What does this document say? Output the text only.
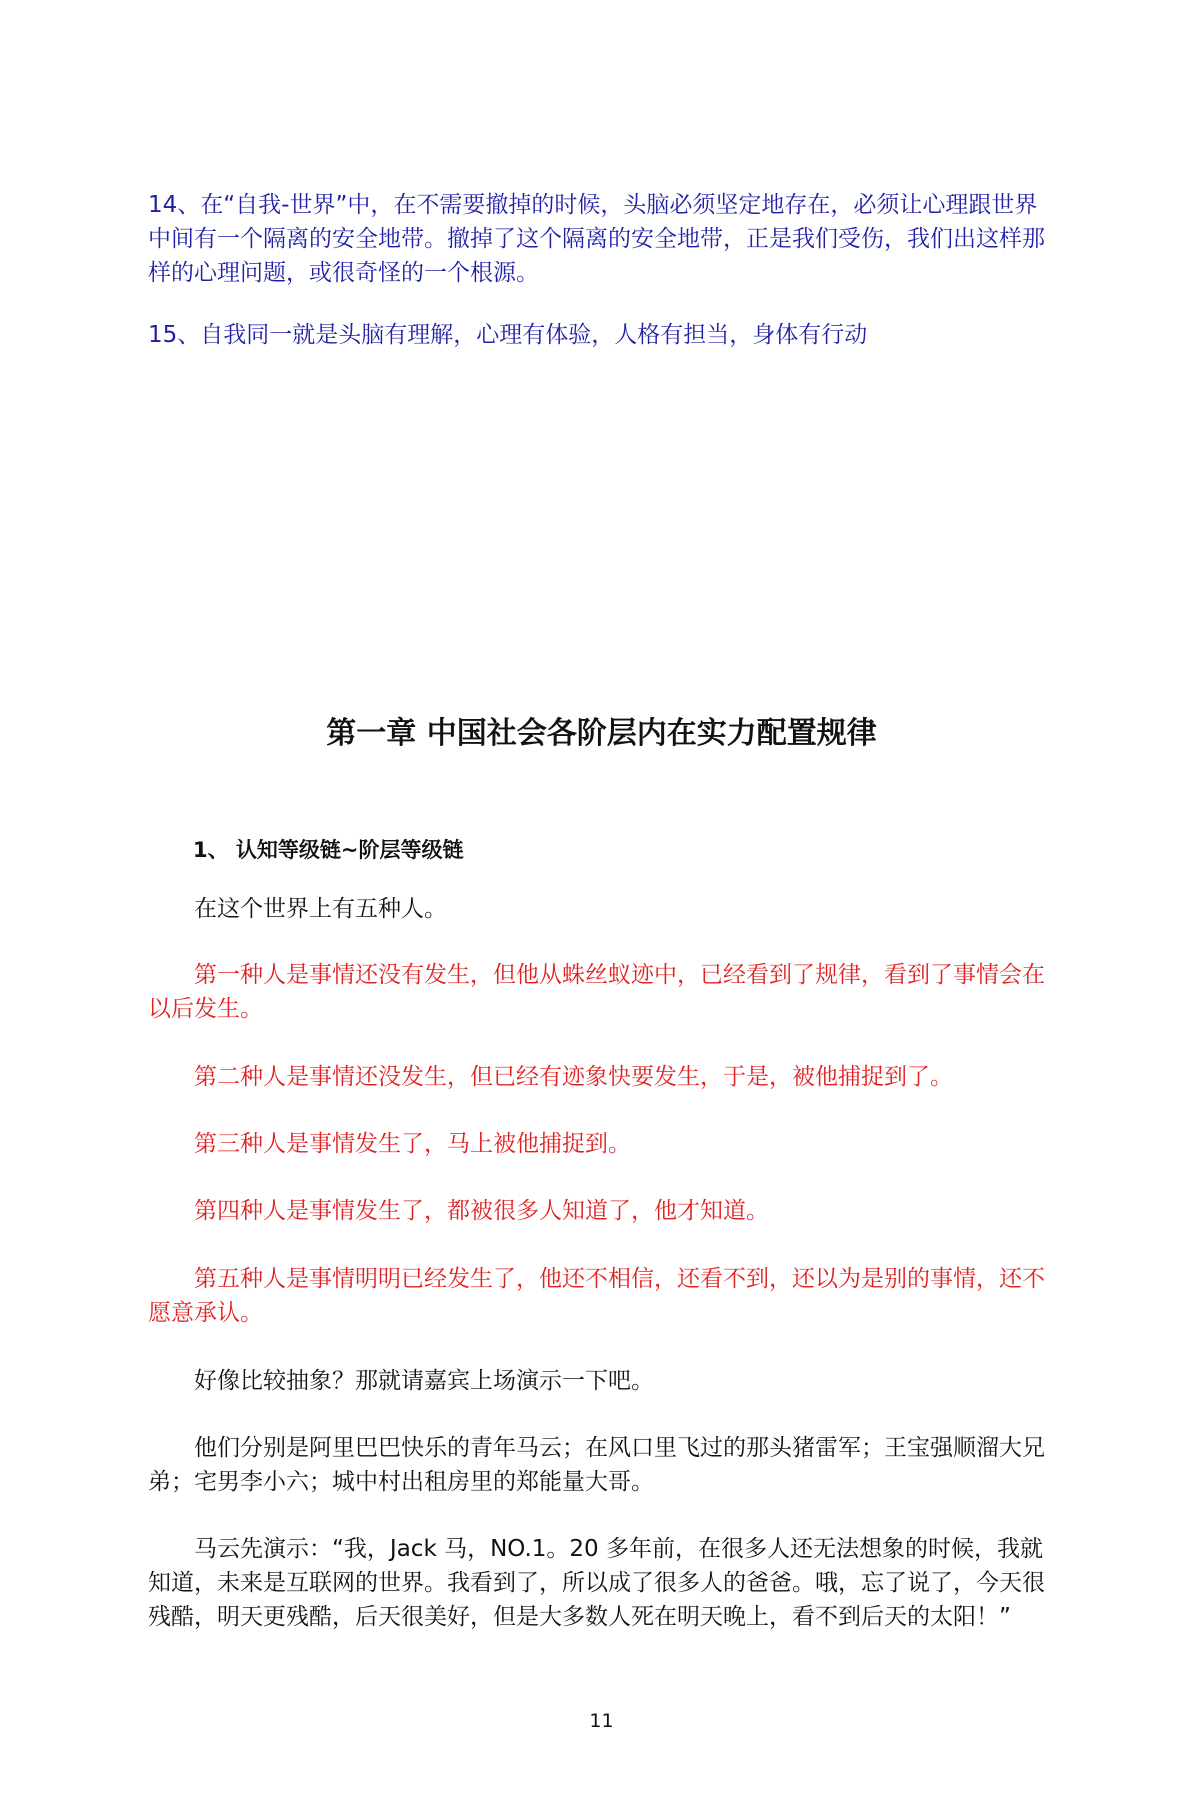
14、在“自我-世界”中，在不需要撤掉的时候，头脑必须坚定地存在，必须让心理跟世界中间有一个隔离的安全地带。撤掉了这个隔离的安全地带，正是我们受伤，我们出这样那样的心理问题，或很奇怪的一个根源。

15、自我同一就是头脑有理解，心理有体验，人格有担当，身体有行动

第一章 中国社会各阶层内在实力配置规律
1、 认知等级链~阶层等级链

在这个世界上有五种人。

第一种人是事情还没有发生，但他从蛛丝蚁迹中，已经看到了规律，看到了事情会在以后发生。

第二种人是事情还没发生，但已经有迹象快要发生，于是，被他捕捉到了。

第三种人是事情发生了，马上被他捕捉到。

第四种人是事情发生了，都被很多人知道了，他才知道。

第五种人是事情明明已经发生了，他还不相信，还看不到，还以为是别的事情，还不愿意承认。

好像比较抽象？那就请嘉宾上场演示一下吧。

他们分别是阿里巴巴快乐的青年马云；在风口里飞过的那头猪雷军；王宝强顺溜大兄弟；宅男李小六；城中村出租房里的郑能量大哥。

马云先演示：“我，Jack 马，NO.1。20 多年前，在很多人还无法想象的时候，我就知道，未来是互联网的世界。我看到了，所以成了很多人的爸爸。哦，忘了说了，今天很残酷，明天更残酷，后天很美好，但是大多数人死在明天晚上，看不到后天的太阳！”

11
